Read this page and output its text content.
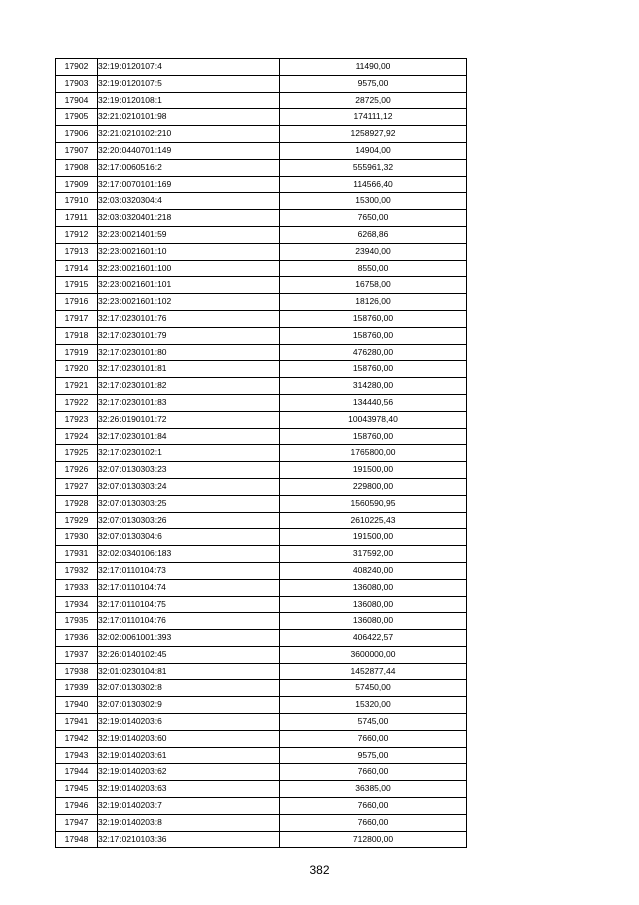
17902	32:19:0120107:4	11490,00
17903	32:19:0120107:5	9575,00
17904	32:19:0120108:1	28725,00
17905	32:21:0210101:98	174111,12
17906	32:21:0210102:210	1258927,92
17907	32:20:0440701:149	14904,00
17908	32:17:0060516:2	555961,32
17909	32:17:0070101:169	114566,40
17910	32:03:0320304:4	15300,00
17911	32:03:0320401:218	7650,00
17912	32:23:0021401:59	6268,86
17913	32:23:0021601:10	23940,00
17914	32:23:0021601:100	8550,00
17915	32:23:0021601:101	16758,00
17916	32:23:0021601:102	18126,00
17917	32:17:0230101:76	158760,00
17918	32:17:0230101:79	158760,00
17919	32:17:0230101:80	476280,00
17920	32:17:0230101:81	158760,00
17921	32:17:0230101:82	314280,00
17922	32:17:0230101:83	134440,56
17923	32:26:0190101:72	10043978,40
17924	32:17:0230101:84	158760,00
17925	32:17:0230102:1	1765800,00
17926	32:07:0130303:23	191500,00
17927	32:07:0130303:24	229800,00
17928	32:07:0130303:25	1560590,95
17929	32:07:0130303:26	2610225,43
17930	32:07:0130304:6	191500,00
17931	32:02:0340106:183	317592,00
17932	32:17:0110104:73	408240,00
17933	32:17:0110104:74	136080,00
17934	32:17:0110104:75	136080,00
17935	32:17:0110104:76	136080,00
17936	32:02:0061001:393	406422,57
17937	32:26:0140102:45	3600000,00
17938	32:01:0230104:81	1452877,44
17939	32:07:0130302:8	57450,00
17940	32:07:0130302:9	15320,00
17941	32:19:0140203:6	5745,00
17942	32:19:0140203:60	7660,00
17943	32:19:0140203:61	9575,00
17944	32:19:0140203:62	7660,00
17945	32:19:0140203:63	36385,00
17946	32:19:0140203:7	7660,00
17947	32:19:0140203:8	7660,00
17948	32:17:0210103:36	712800,00
382
